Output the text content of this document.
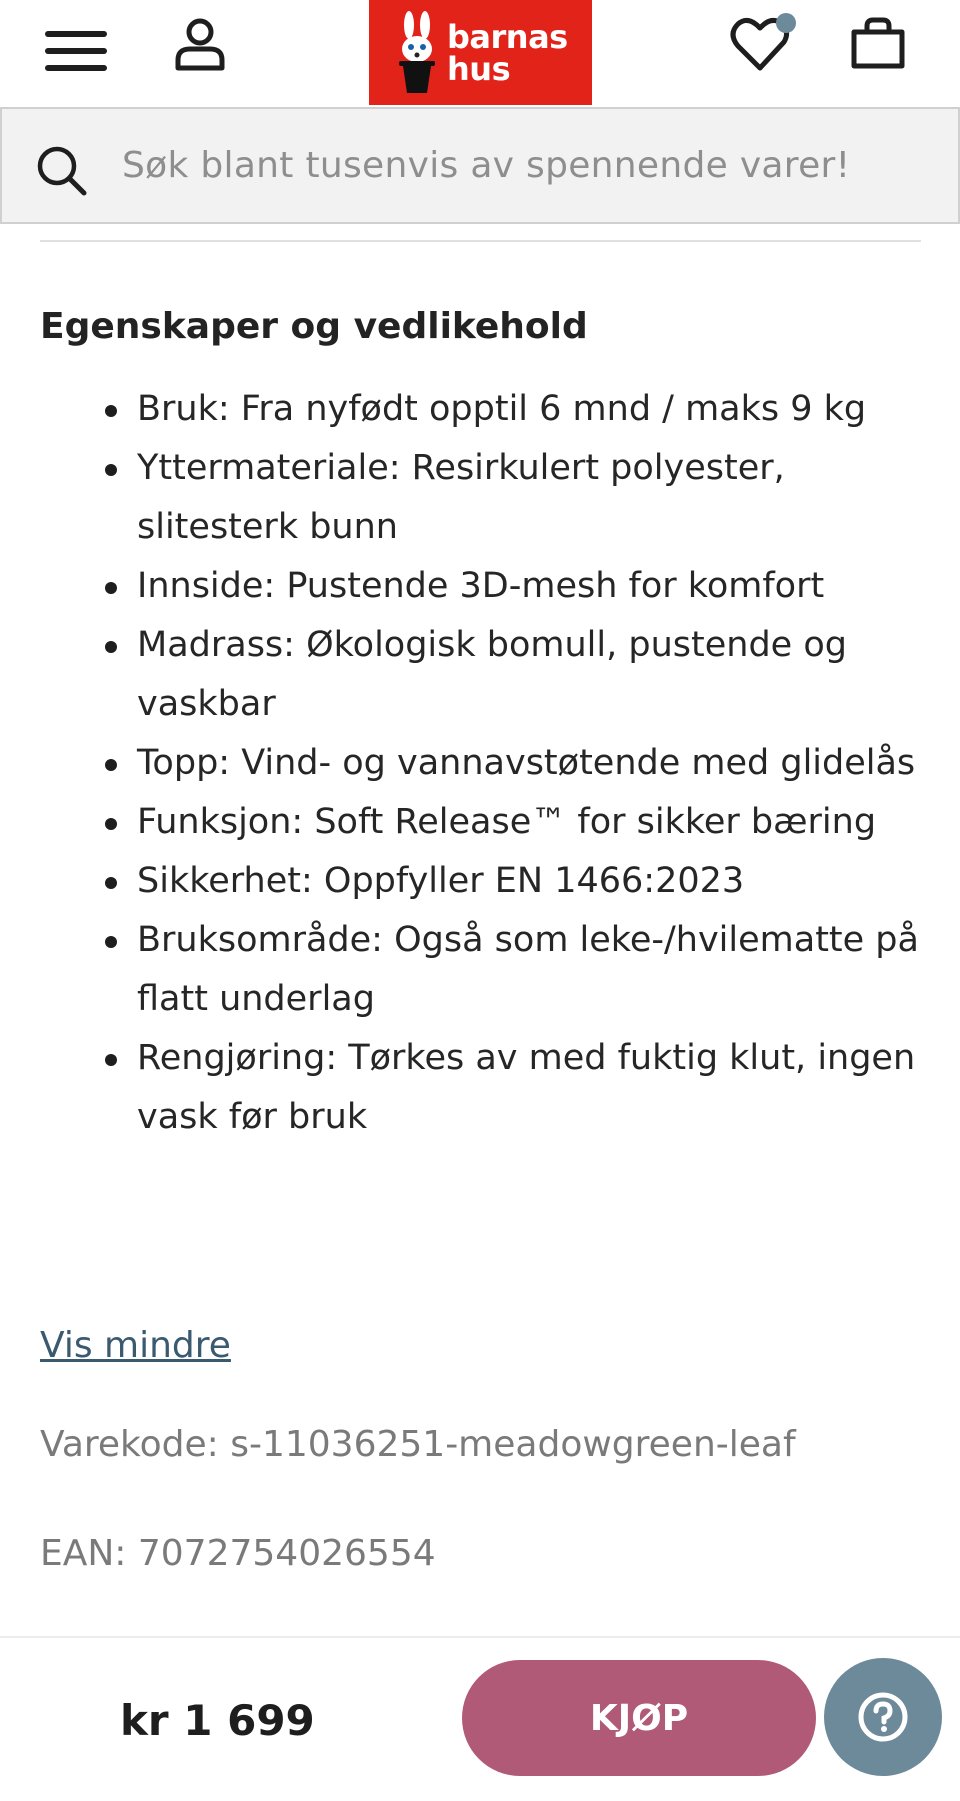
barnas
hus
Søk blant tusenvis av spennende varer!
Egenskaper og vedlikehold
Bruk: Fra nyfødt opptil 6 mnd / maks 9 kg
Yttermateriale: Resirkulert polyester, slitesterk bunn
Innside: Pustende 3D-mesh for komfort
Madrass: Økologisk bomull, pustende og vaskbar
Topp: Vind- og vannavstøtende med glidelås
Funksjon: Soft Release™ for sikker bæring
Sikkerhet: Oppfyller EN 1466:2023
Bruksområde: Også som leke-/hvilematte på flatt underlag
Rengjøring: Tørkes av med fuktig klut, ingen vask før bruk
Vis mindre
Varekode: s-11036251-meadowgreen-leaf
EAN: 7072754026554
kr 1 699	KJØP
